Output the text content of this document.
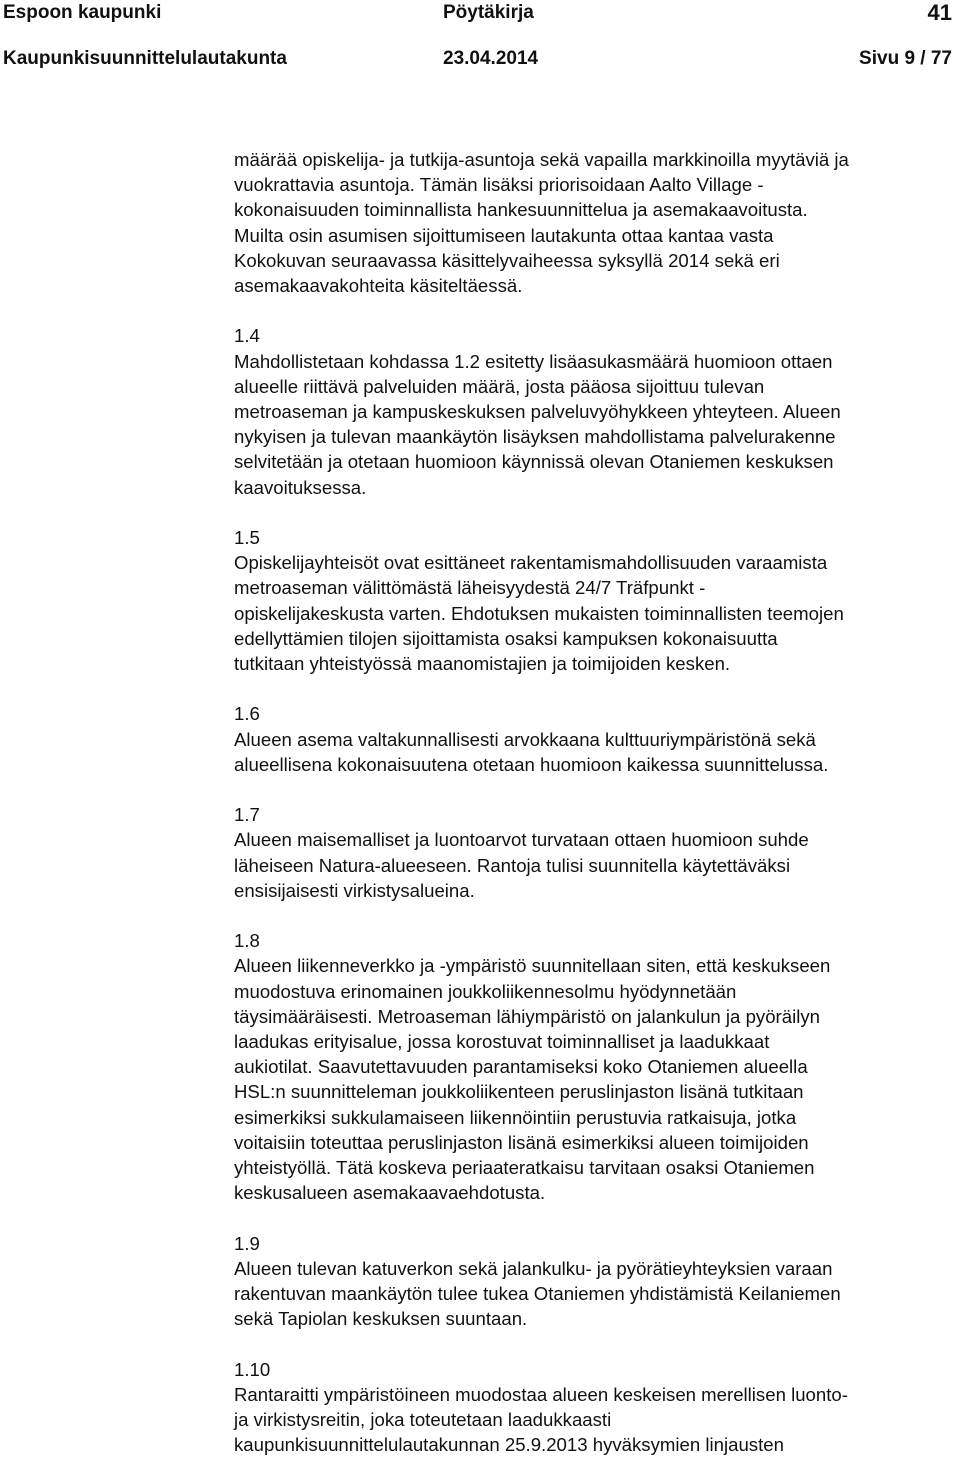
Espoon kaupunki	Pöytäkirja	41
Kaupunkisuunnittelulautakunta	23.04.2014	Sivu 9 / 77
määrää opiskelija- ja tutkija-asuntoja sekä vapailla markkinoilla myytäviä ja
vuokrattavia asuntoja. Tämän lisäksi priorisoidaan Aalto Village -
kokonaisuuden toiminnallista hankesuunnittelua ja asemakaavoitusta.
Muilta osin asumisen sijoittumiseen lautakunta ottaa kantaa vasta
Kokokuvan seuraavassa käsittelyvaiheessa syksyllä 2014 sekä eri
asemakaavakohteita käsiteltäessä.
1.4
Mahdollistetaan kohdassa 1.2 esitetty lisäasukasmäärä huomioon ottaen
alueelle riittävä palveluiden määrä, josta pääosa sijoittuu tulevan
metroaseman ja kampuskeskuksen palveluvyöhykkeen yhteyteen. Alueen
nykyisen ja tulevan maankäytön lisäyksen mahdollistama palvelurakenne
selvitetään ja otetaan huomioon käynnissä olevan Otaniemen keskuksen
kaavoituksessa.
1.5
Opiskelijayhteisöt ovat esittäneet rakentamismahdollisuuden varaamista
metroaseman välittömästä läheisyydestä 24/7 Träfpunkt -
opiskelijakeskusta varten. Ehdotuksen mukaisten toiminnallisten teemojen
edellyttämien tilojen sijoittamista osaksi kampuksen kokonaisuutta
tutkitaan yhteistyössä maanomistajien ja toimijoiden kesken.
1.6
Alueen asema valtakunnallisesti arvokkaana kulttuuriympäristönä sekä
alueellisena kokonaisuutena otetaan huomioon kaikessa suunnittelussa.
1.7
Alueen maisemalliset ja luontoarvot turvataan ottaen huomioon suhde
läheiseen Natura-alueeseen. Rantoja tulisi suunnitella käytettäväksi
ensisijaisesti virkistysalueina.
1.8
Alueen liikenneverkko ja -ympäristö suunnitellaan siten, että keskukseen
muodostuva erinomainen joukkoliikennesolmu hyödynnetään
täysimääräisesti. Metroaseman lähiympäristö on jalankulun ja pyöräilyn
laadukas erityisalue, jossa korostuvat toiminnalliset ja laadukkaat
aukiotilat. Saavutettavuuden parantamiseksi koko Otaniemen alueella
HSL:n suunnitteleman joukkoliikenteen peruslinjaston lisänä tutkitaan
esimerkiksi sukkulamaiseen liikennöintiin perustuvia ratkaisuja, jotka
voitaisiin toteuttaa peruslinjaston lisänä esimerkiksi alueen toimijoiden
yhteistyöllä. Tätä koskeva periaateratkaisu tarvitaan osaksi Otaniemen
keskusalueen asemakaavaehdotusta.
1.9
Alueen tulevan katuverkon sekä jalankulku- ja pyörätieyhteyksien varaan
rakentuvan maankäytön tulee tukea Otaniemen yhdistämistä Keilaniemen
sekä Tapiolan keskuksen suuntaan.
1.10
Rantaraitti ympäristöineen muodostaa alueen keskeisen merellisen luonto-
ja virkistysreitin, joka toteutetaan laadukkaasti
kaupunkisuunnittelulautakunnan 25.9.2013 hyväksymien linjausten
